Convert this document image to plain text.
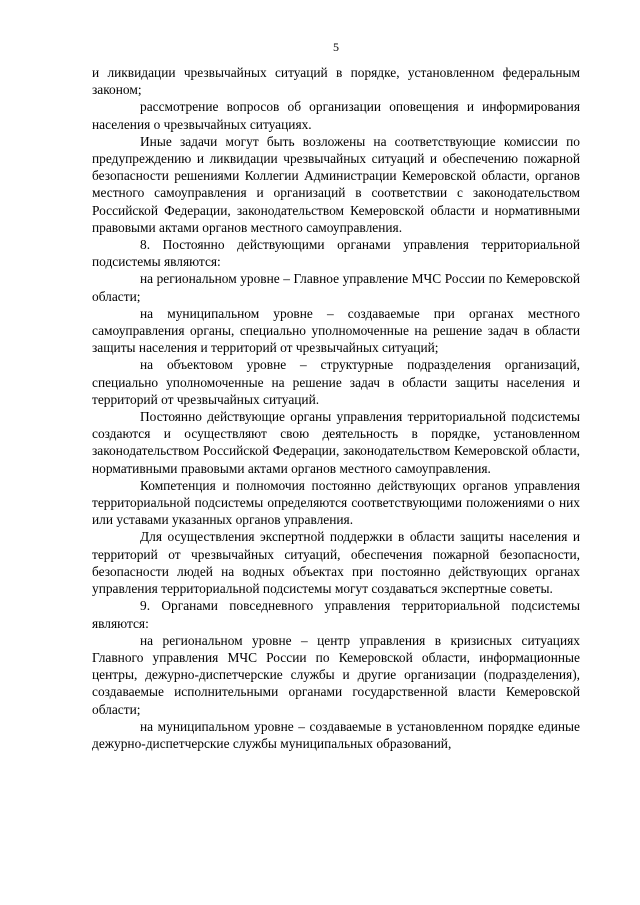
5

и ликвидации чрезвычайных ситуаций в порядке, установленном федеральным законом;

рассмотрение вопросов об организации оповещения и информирования населения о чрезвычайных ситуациях.

Иные задачи могут быть возложены на соответствующие комиссии по предупреждению и ликвидации чрезвычайных ситуаций и обеспечению пожарной безопасности решениями Коллегии Администрации Кемеровской области, органов местного самоуправления и организаций в соответствии с законодательством Российской Федерации, законодательством Кемеровской области и нормативными правовыми актами органов местного самоуправления.

8. Постоянно действующими органами управления территориальной подсистемы являются:

на региональном уровне – Главное управление МЧС России по Кемеровской области;

на муниципальном уровне – создаваемые при органах местного самоуправления органы, специально уполномоченные на решение задач в области защиты населения и территорий от чрезвычайных ситуаций;

на объектовом уровне – структурные подразделения организаций, специально уполномоченные на решение задач в области защиты населения и территорий от чрезвычайных ситуаций.

Постоянно действующие органы управления территориальной подсистемы создаются и осуществляют свою деятельность в порядке, установленном законодательством Российской Федерации, законодательством Кемеровской области, нормативными правовыми актами органов местного самоуправления.

Компетенция и полномочия постоянно действующих органов управления территориальной подсистемы определяются соответствующими положениями о них или уставами указанных органов управления.

Для осуществления экспертной поддержки в области защиты населения и территорий от чрезвычайных ситуаций, обеспечения пожарной безопасности, безопасности людей на водных объектах при постоянно действующих органах управления территориальной подсистемы могут создаваться экспертные советы.

9. Органами повседневного управления территориальной подсистемы являются:

на региональном уровне – центр управления в кризисных ситуациях Главного управления МЧС России по Кемеровской области, информационные центры, дежурно-диспетчерские службы и другие организации (подразделения), создаваемые исполнительными органами государственной власти Кемеровской области;

на муниципальном уровне – создаваемые в установленном порядке единые дежурно-диспетчерские службы муниципальных образований,
